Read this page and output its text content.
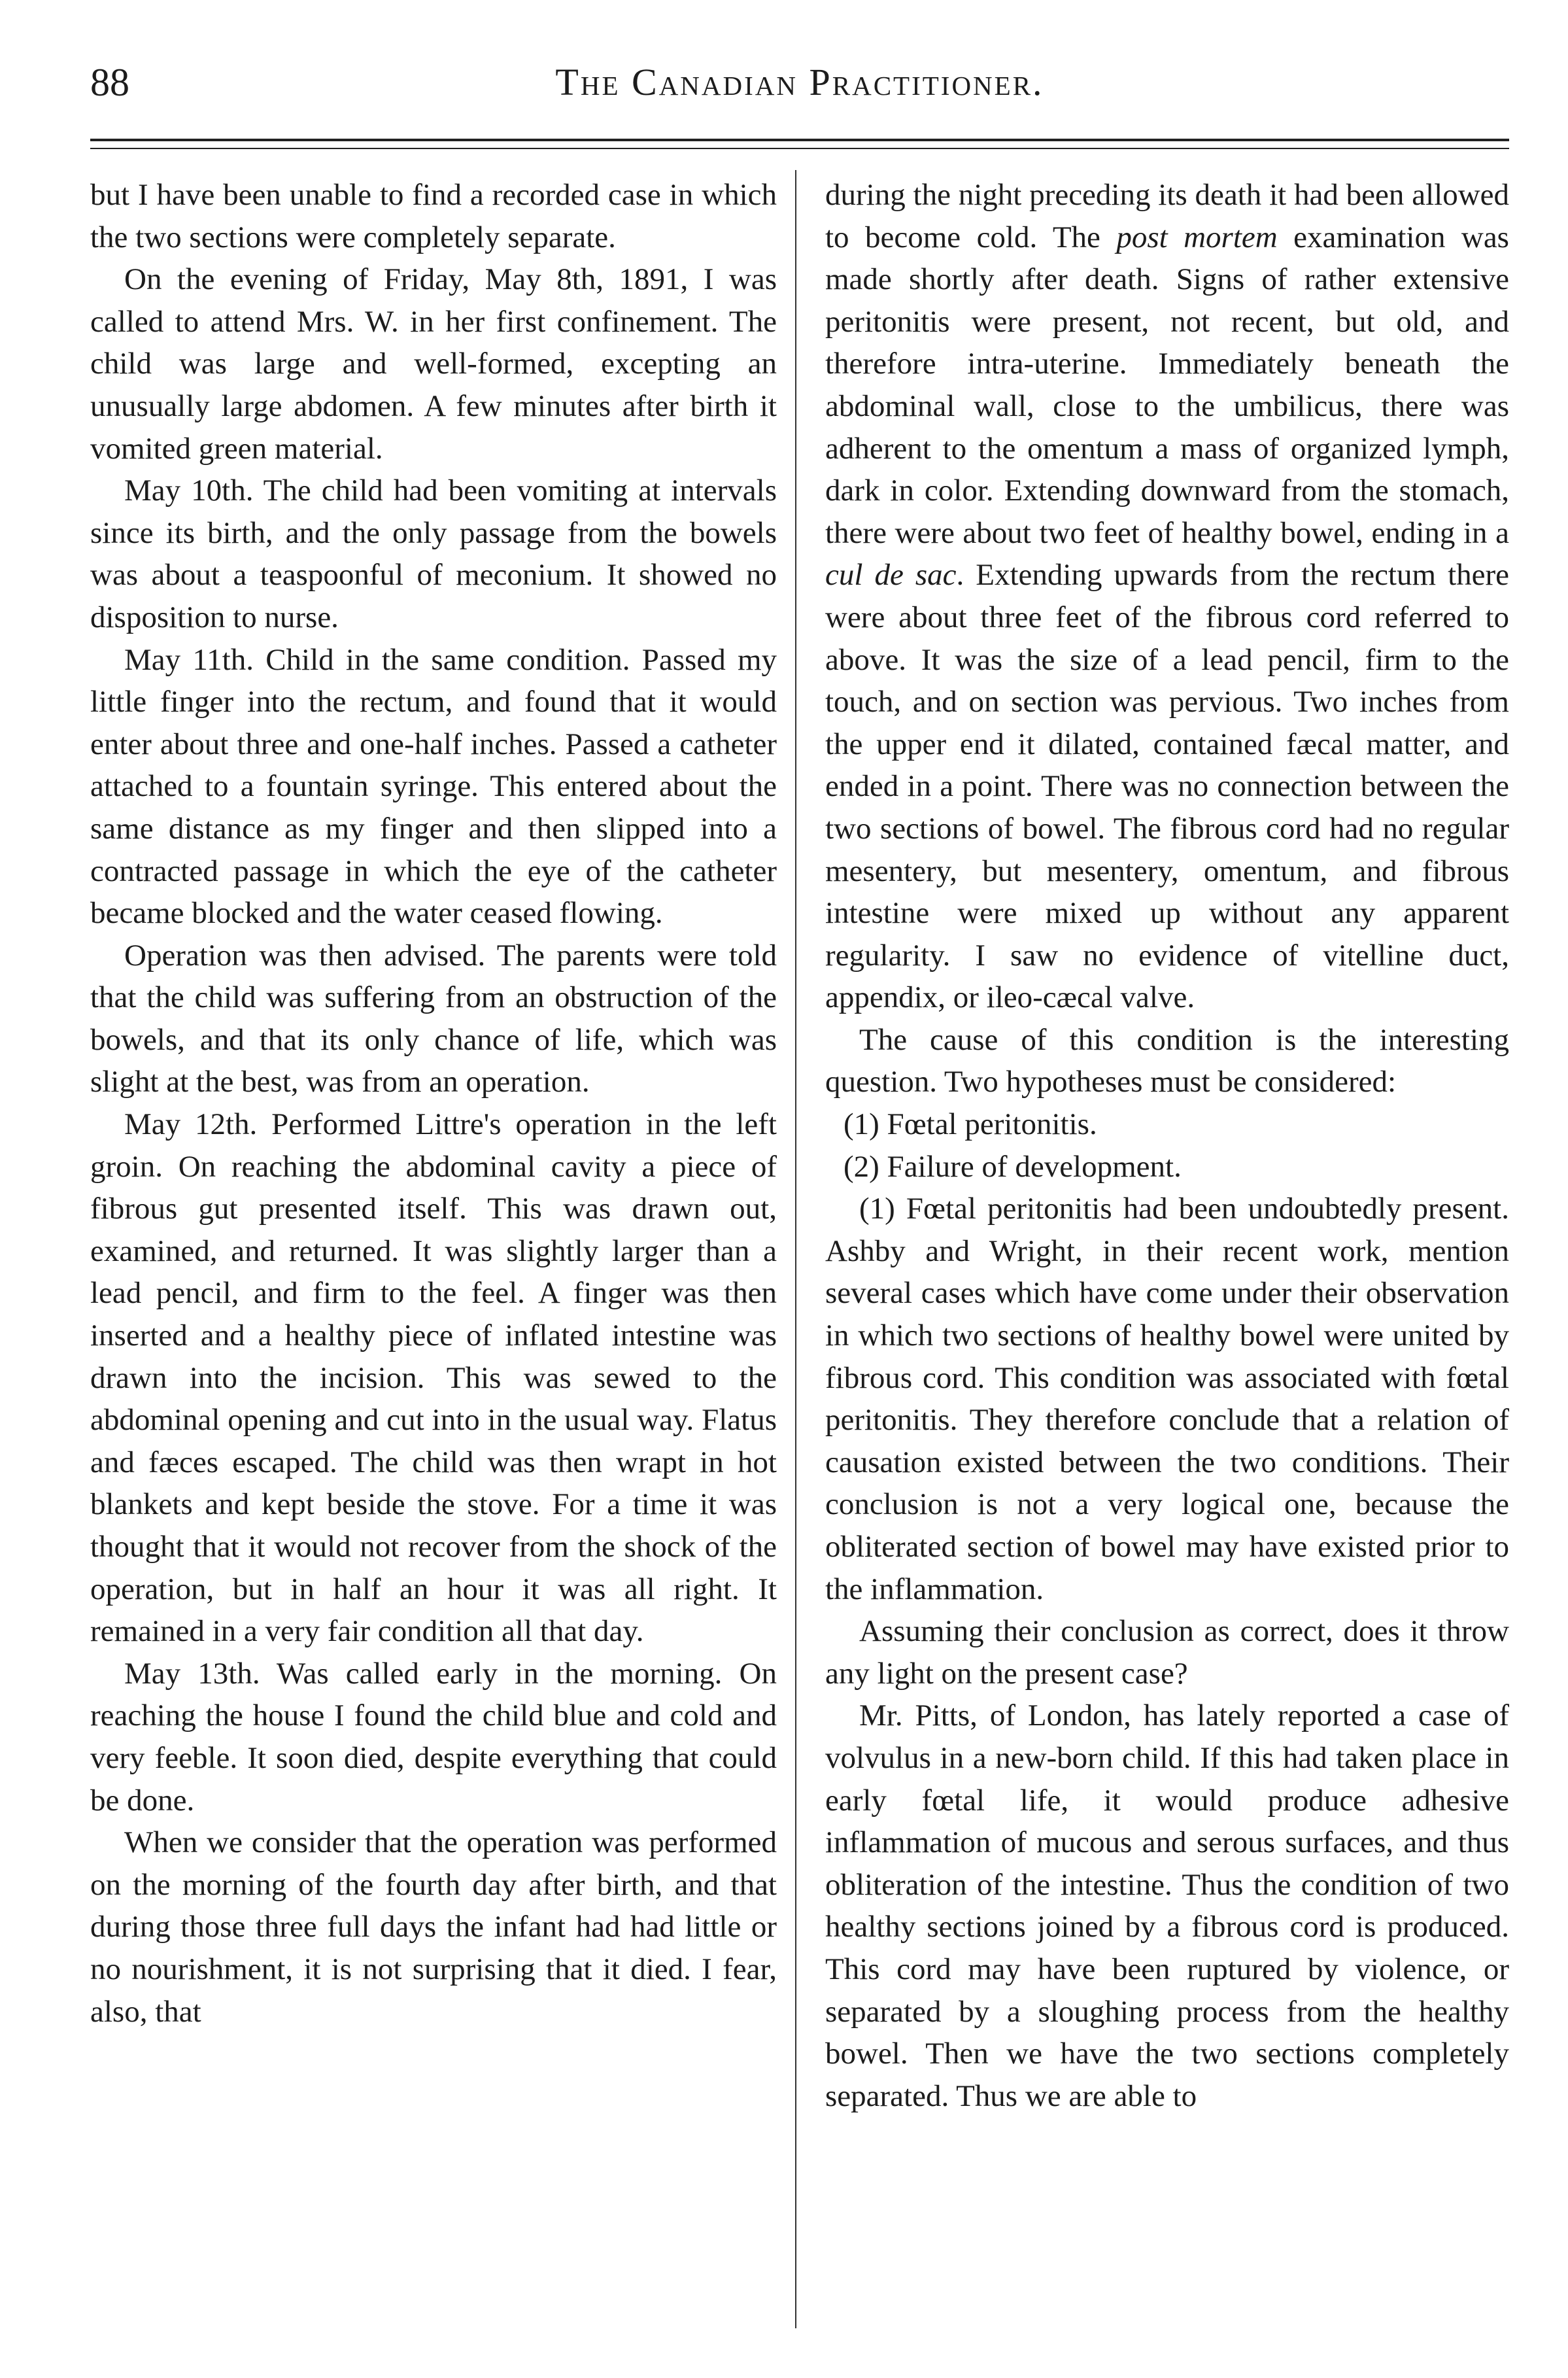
88	The Canadian Practitioner.

but I have been unable to find a recorded case in which the two sections were completely separate.

On the evening of Friday, May 8th, 1891, I was called to attend Mrs. W. in her first confinement. The child was large and well-formed, excepting an unusually large abdomen. A few minutes after birth it vomited green material.

May 10th. The child had been vomiting at intervals since its birth, and the only passage from the bowels was about a teaspoonful of meconium. It showed no disposition to nurse.

May 11th. Child in the same condition. Passed my little finger into the rectum, and found that it would enter about three and one-half inches. Passed a catheter attached to a fountain syringe. This entered about the same distance as my finger and then slipped into a contracted passage in which the eye of the catheter became blocked and the water ceased flowing.

Operation was then advised. The parents were told that the child was suffering from an obstruction of the bowels, and that its only chance of life, which was slight at the best, was from an operation.

May 12th. Performed Littre's operation in the left groin. On reaching the abdominal cavity a piece of fibrous gut presented itself. This was drawn out, examined, and returned. It was slightly larger than a lead pencil, and firm to the feel. A finger was then inserted and a healthy piece of inflated intestine was drawn into the incision. This was sewed to the abdominal opening and cut into in the usual way. Flatus and fæces escaped. The child was then wrapt in hot blankets and kept beside the stove. For a time it was thought that it would not recover from the shock of the operation, but in half an hour it was all right. It remained in a very fair condition all that day.

May 13th. Was called early in the morning. On reaching the house I found the child blue and cold and very feeble. It soon died, despite everything that could be done.

When we consider that the operation was performed on the morning of the fourth day after birth, and that during those three full days the infant had had little or no nourishment, it is not surprising that it died. I fear, also, that

during the night preceding its death it had been allowed to become cold. The post mortem examination was made shortly after death. Signs of rather extensive peritonitis were present, not recent, but old, and therefore intra-uterine. Immediately beneath the abdominal wall, close to the umbilicus, there was adherent to the omentum a mass of organized lymph, dark in color. Extending downward from the stomach, there were about two feet of healthy bowel, ending in a cul de sac. Extending upwards from the rectum there were about three feet of the fibrous cord referred to above. It was the size of a lead pencil, firm to the touch, and on section was pervious. Two inches from the upper end it dilated, contained fæcal matter, and ended in a point. There was no connection between the two sections of bowel. The fibrous cord had no regular mesentery, but mesentery, omentum, and fibrous intestine were mixed up without any apparent regularity. I saw no evidence of vitelline duct, appendix, or ileo-cæcal valve.

The cause of this condition is the interesting question. Two hypotheses must be considered:

(1) Fœtal peritonitis.

(2) Failure of development.

(1) Fœtal peritonitis had been undoubtedly present. Ashby and Wright, in their recent work, mention several cases which have come under their observation in which two sections of healthy bowel were united by fibrous cord. This condition was associated with fœtal peritonitis. They therefore conclude that a relation of causation existed between the two conditions. Their conclusion is not a very logical one, because the obliterated section of bowel may have existed prior to the inflammation.

Assuming their conclusion as correct, does it throw any light on the present case?

Mr. Pitts, of London, has lately reported a case of volvulus in a new-born child. If this had taken place in early fœtal life, it would produce adhesive inflammation of mucous and serous surfaces, and thus obliteration of the intestine. Thus the condition of two healthy sections joined by a fibrous cord is produced. This cord may have been ruptured by violence, or separated by a sloughing process from the healthy bowel. Then we have the two sections completely separated. Thus we are able to
